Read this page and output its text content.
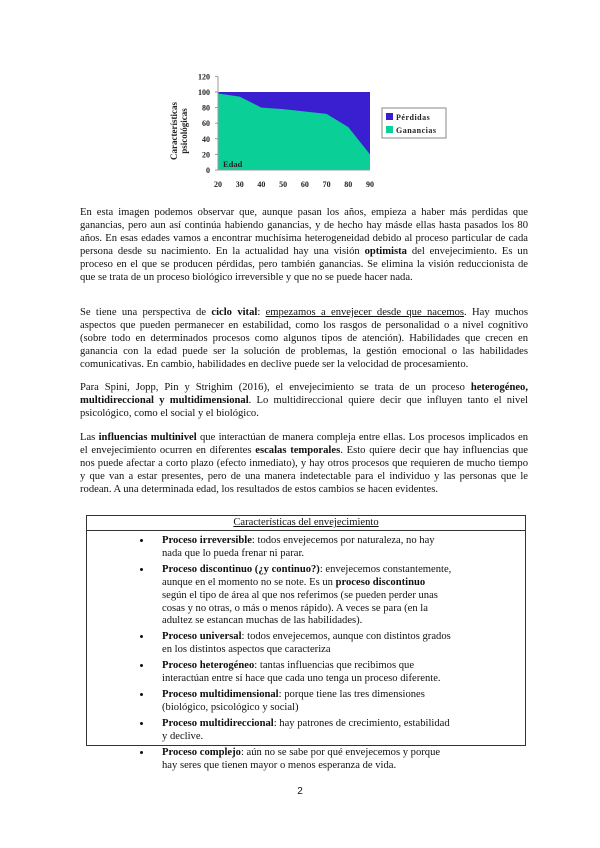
0
20
40
60
80
100
120
20 30 40 50 60 70 80 90
Edad
Características psicológicas	Pérdidas
Ganancias

En esta imagen podemos observar que, aunque pasan los años, empieza a haber más perdidas que ganancias, pero aun así continúa habiendo ganancias, y de hecho hay másde ellas hasta pasados los 80 años. En esas edades vamos a encontrar muchísima heterogeneidad debido al proceso particular de cada persona desde su nacimiento. En la actualidad hay una visión optimista del envejecimiento. Es un proceso en el que se producen pérdidas, pero también ganancias. Se elimina la visión reduccionista de que se trata de un proceso biológico irreversible y que no se puede hacer nada.

Se tiene una perspectiva de ciclo vital: empezamos a envejecer desde que nacemos. Hay muchos aspectos que pueden permanecer en estabilidad, como los rasgos de personalidad o a nivel cognitivo (sobre todo en determinados procesos como algunos tipos de atención). Habilidades que crecen en ganancia con la edad puede ser la solución de problemas, la gestión emocional o las habilidades comunicativas. En cambio, habilidades en declive puede ser la velocidad de procesamiento.

Para Spini, Jopp, Pin y Strighim (2016), el envejecimiento se trata de un proceso heterogéneo, multidireccional y multidimensional. Lo multidireccional quiere decir que influyen tanto el nivel psicológico, como el social y el biológico.

Las influencias multinivel que interactúan de manera compleja entre ellas. Los procesos implicados en el envejecimiento ocurren en diferentes escalas temporales. Esto quiere decir que hay influencias que nos puede afectar a corto plazo (efecto inmediato), y hay otros procesos que requieren de mucho tiempo y que van a estar presentes, pero de una manera indetectable para el individuo y las personas que le rodean. A una determinada edad, los resultados de estos cambios se hacen evidentes.

Características del envejecimiento
• Proceso irreversible: todos envejecemos por naturaleza, no hay nada que lo pueda frenar ni parar.
• Proceso discontinuo (¿y continuo?): envejecemos constantemente, aunque en el momento no se note. Es un proceso discontinuo según el tipo de área al que nos referimos (se pueden perder unas cosas y no otras, o más o menos rápido). A veces se para (en la adultez se estancan muchas de las habilidades).
• Proceso universal: todos envejecemos, aunque con distintos grados en los distintos aspectos que caracteriza
• Proceso heterogéneo: tantas influencias que recibimos que interactúan entre sí hace que cada uno tenga un proceso diferente.
• Proceso multidimensional: porque tiene las tres dimensiones (biológico, psicológico y social)
• Proceso multidireccional: hay patrones de crecimiento, estabilidad y declive.
• Proceso complejo: aún no se sabe por qué envejecemos y porque hay seres que tienen mayor o menos esperanza de vida.
2
